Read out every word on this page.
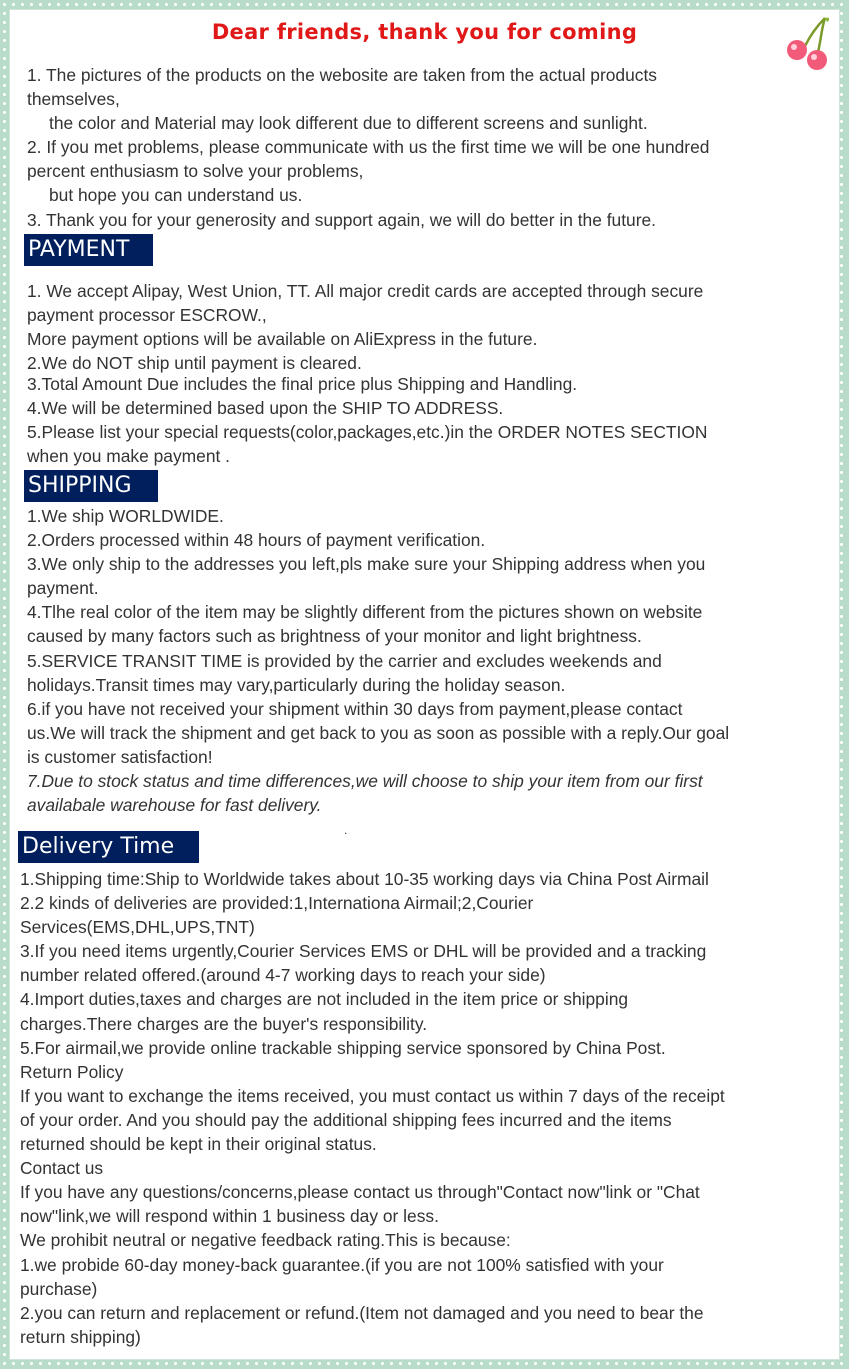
Dear friends, thank you for coming
1. The pictures of the products on the webosite are taken from the actual products
themselves,
the color and Material may look different due to different screens and sunlight.
2. If you met problems, please communicate with us the first time we will be one hundred
percent enthusiasm to solve your problems,
but hope you can understand us.
3. Thank you for your generosity and support again, we will do better in the future.
PAYMENT
1. We accept Alipay, West Union, TT. All major credit cards are accepted through secure
payment processor ESCROW.,
More payment options will be available on AliExpress in the future.
2.We do NOT ship until payment is cleared.
3.Total Amount Due includes the final price plus Shipping and Handling.
4.We will be determined based upon the SHIP TO ADDRESS.
5.Please list your special requests(color,packages,etc.)in the ORDER NOTES SECTION
when you make payment .
SHIPPING
1.We ship WORLDWIDE.
2.Orders processed within 48 hours of payment verification.
3.We only ship to the addresses you left,pls make sure your Shipping address when you
payment.
4.Tlhe real color of the item may be slightly different from the pictures shown on website
caused by many factors such as brightness of your monitor and light brightness.
5.SERVICE TRANSIT TIME is provided by the carrier and excludes weekends and
holidays.Transit times may vary,particularly during the holiday season.
6.if you have not received your shipment within 30 days from payment,please contact
us.We will track the shipment and get back to you as soon as possible with a reply.Our goal
is customer satisfaction!
7.Due to stock status and time differences,we will choose to ship your item from our first
availabale warehouse for fast delivery.
.
Delivery Time
1.Shipping time:Ship to Worldwide takes about 10-35 working days via China Post Airmail
2.2 kinds of deliveries are provided:1,Internationa Airmail;2,Courier
Services(EMS,DHL,UPS,TNT)
3.If you need items urgently,Courier Services EMS or DHL will be provided and a tracking
number related offered.(around 4-7 working days to reach your side)
4.Import duties,taxes and charges are not included in the item price or shipping
charges.There charges are the buyer's responsibility.
5.For airmail,we provide online trackable shipping service sponsored by China Post.
Return Policy
If you want to exchange the items received, you must contact us within 7 days of the receipt
of your order. And you should pay the additional shipping fees incurred and the items
returned should be kept in their original status.
Contact us
If you have any questions/concerns,please contact us through"Contact now"link or "Chat
now"link,we will respond within 1 business day or less.
We prohibit neutral or negative feedback rating.This is because:
1.we probide 60-day money-back guarantee.(if you are not 100% satisfied with your
purchase)
2.you can return and replacement or refund.(Item not damaged and you need to bear the
return shipping)
